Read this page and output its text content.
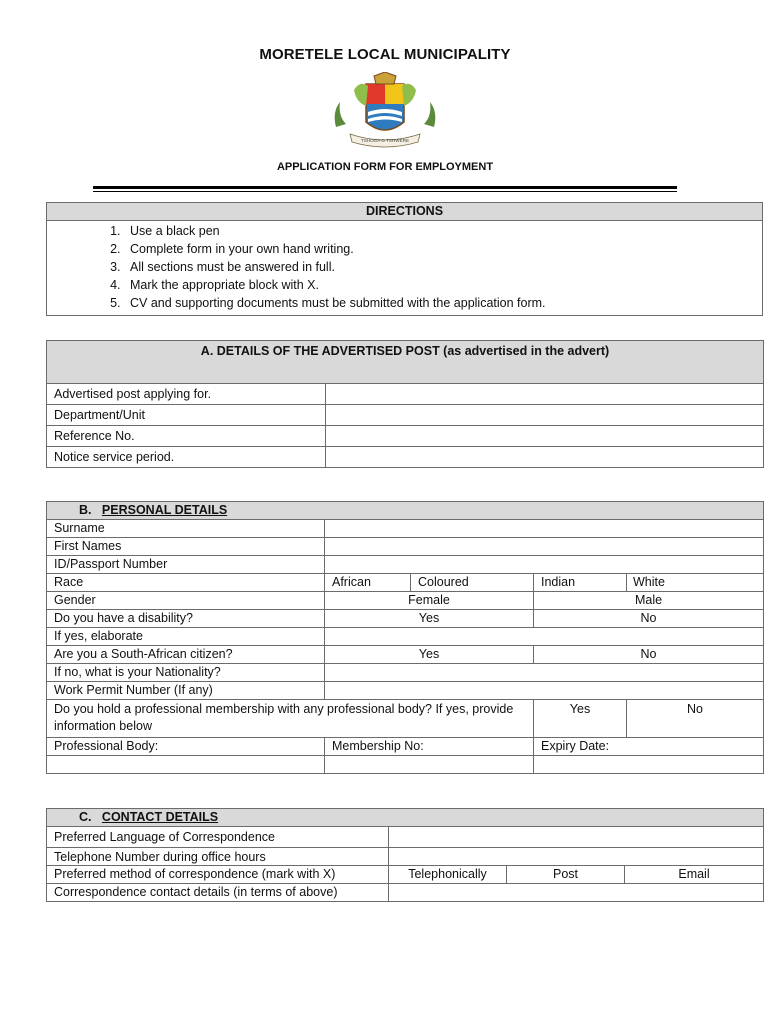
MORETELE LOCAL MUNICIPALITY
TSHOGA O TSHWERE
APPLICATION FORM FOR EMPLOYMENT
DIRECTIONS

1. Use a black pen
2. Complete form in your own hand writing.
3. All sections must be answered in full.
4. Mark the appropriate block with X.
5. CV and supporting documents must be submitted with the application form.
A. DETAILS OF THE ADVERTISED POST (as advertised in the advert)	
Advertised post applying for.	
Department/Unit	
Reference No.	
Notice service period.	
B. PERSONAL DETAILS				
Surname				
First Names				
ID/Passport Number				
Race	African	Coloured	Indian	White
Gender	Female		Male	
Do you have a disability?	Yes		No	
If yes, elaborate				
Are you a South-African citizen?	Yes		No	
If no, what is your Nationality?				
Work Permit Number (If any)				
Do you hold a professional membership with any professional body? If yes, provide information below			Yes	No
Professional Body:	Membership No:		Expiry Date:	

C. CONTACT DETAILS			
Preferred Language of Correspondence			
Telephone Number during office hours			
Preferred method of correspondence (mark with X)	Telephonically	Post	Email
Correspondence contact details (in terms of above)			
